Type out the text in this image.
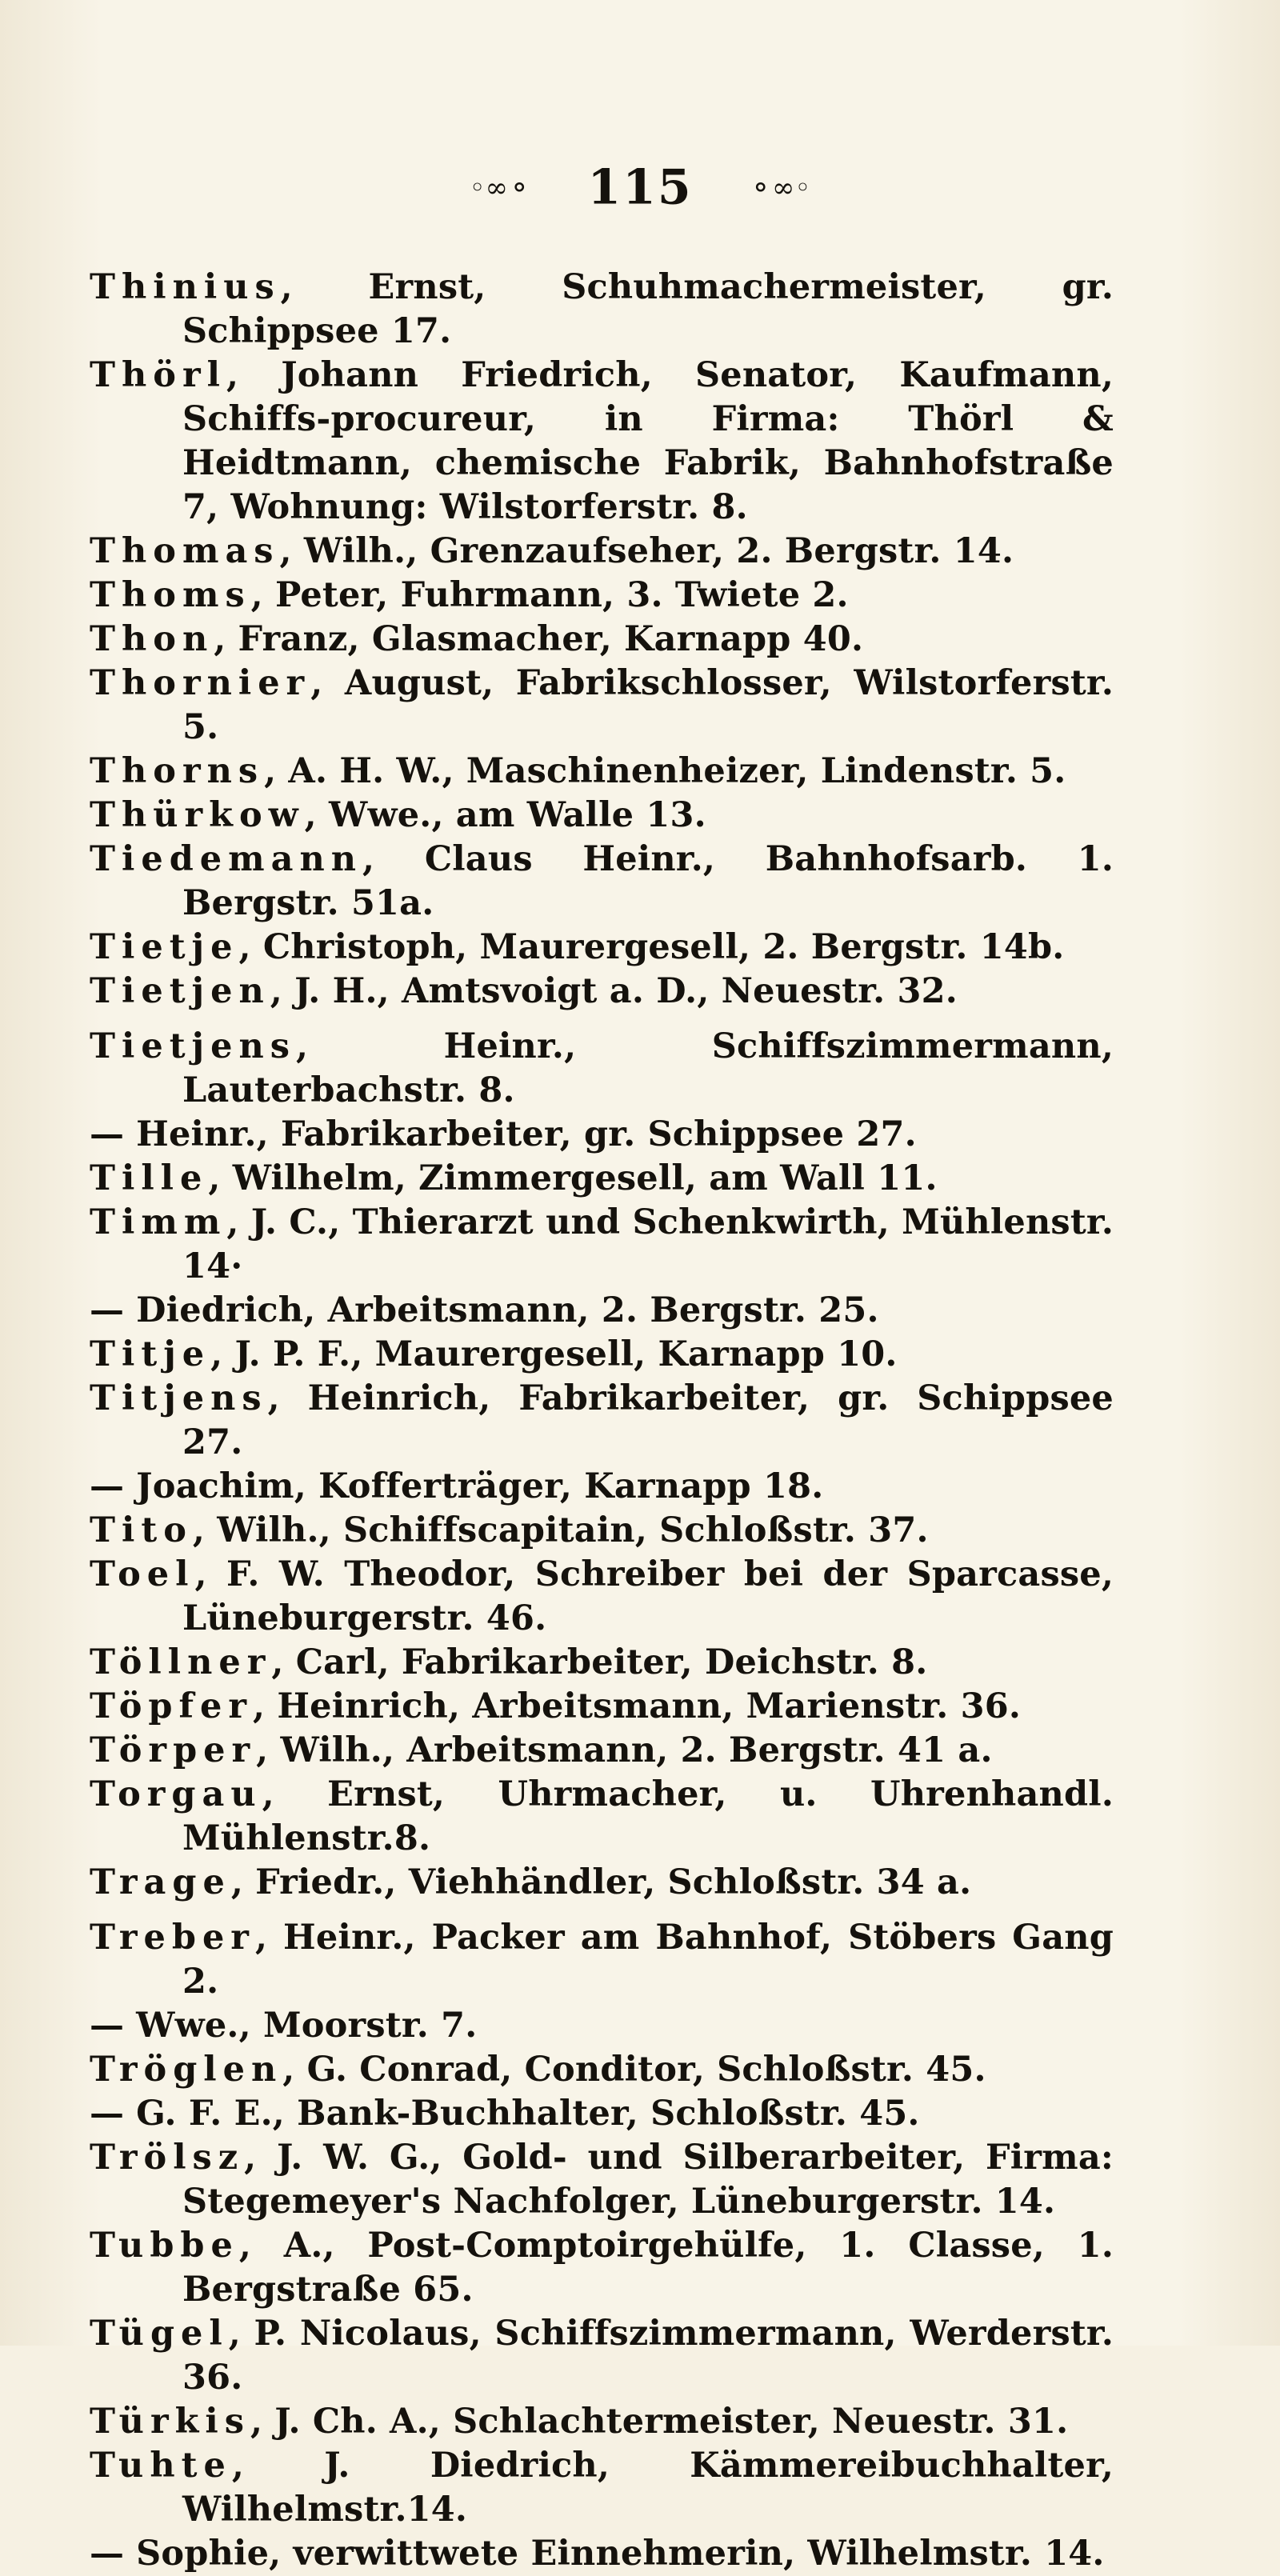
◦∞⚬ 115 ⚬∞◦
Thinius, Ernst, Schuhmachermeister, gr. Schippsee 17.
Thörl, Johann Friedrich, Senator, Kaufmann, Schiffs-procureur, in Firma: Thörl & Heidtmann, chemische Fabrik, Bahnhofstraße 7, Wohnung: Wilstorferstr. 8.
Thomas, Wilh., Grenzaufseher, 2. Bergstr. 14.
Thoms, Peter, Fuhrmann, 3. Twiete 2.
Thon, Franz, Glasmacher, Karnapp 40.
Thornier, August, Fabrikschlosser, Wilstorferstr. 5.
Thorns, A. H. W., Maschinenheizer, Lindenstr. 5.
Thürkow, Wwe., am Walle 13.
Tiedemann, Claus Heinr., Bahnhofsarb. 1. Bergstr. 51a.
Tietje, Christoph, Maurergesell, 2. Bergstr. 14b.
Tietjen, J. H., Amtsvoigt a. D., Neuestr. 32.
Tietjens, Heinr., Schiffszimmermann, Lauterbachstr. 8.
— Heinr., Fabrikarbeiter, gr. Schippsee 27.
Tille, Wilhelm, Zimmergesell, am Wall 11.
Timm, J. C., Thierarzt und Schenkwirth, Mühlenstr. 14·
— Diedrich, Arbeitsmann, 2. Bergstr. 25.
Titje, J. P. F., Maurergesell, Karnapp 10.
Titjens, Heinrich, Fabrikarbeiter, gr. Schippsee 27.
— Joachim, Kofferträger, Karnapp 18.
Tito, Wilh., Schiffscapitain, Schloßstr. 37.
Toel, F. W. Theodor, Schreiber bei der Sparcasse, Lüneburgerstr. 46.
Töllner, Carl, Fabrikarbeiter, Deichstr. 8.
Töpfer, Heinrich, Arbeitsmann, Marienstr. 36.
Törper, Wilh., Arbeitsmann, 2. Bergstr. 41 a.
Torgau, Ernst, Uhrmacher, u. Uhrenhandl. Mühlenstr.8.
Trage, Friedr., Viehhändler, Schloßstr. 34 a.
Treber, Heinr., Packer am Bahnhof, Stöbers Gang 2.
— Wwe., Moorstr. 7.
Tröglen, G. Conrad, Conditor, Schloßstr. 45.
— G. F. E., Bank-Buchhalter, Schloßstr. 45.
Trölsz, J. W. G., Gold- und Silberarbeiter, Firma: Stegemeyer's Nachfolger, Lüneburgerstr. 14.
Tubbe, A., Post-Comptoirgehülfe, 1. Classe, 1. Bergstraße 65.
Tügel, P. Nicolaus, Schiffszimmermann, Werderstr. 36.
Türkis, J. Ch. A., Schlachtermeister, Neuestr. 31.
Tuhte, J. Diedrich, Kämmereibuchhalter, Wilhelmstr.14.
— Sophie, verwittwete Einnehmerin, Wilhelmstr. 14.
